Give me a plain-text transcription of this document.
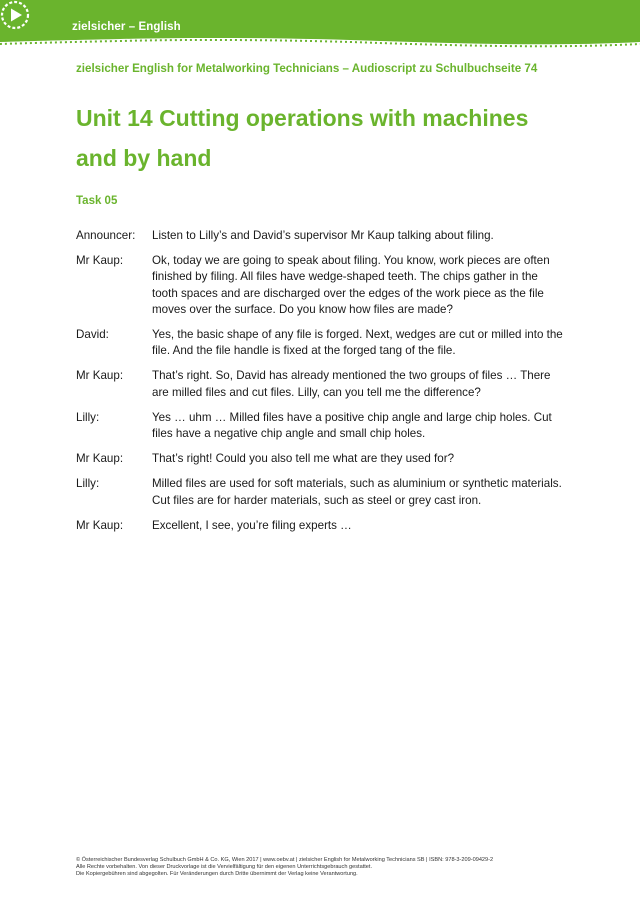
zielsicher – English
zielsicher English for Metalworking Technicians – Audioscript zu Schulbuchseite 74
Unit 14 Cutting operations with machines
and by hand
Task 05
Announcer:	Listen to Lilly’s and David’s supervisor Mr Kaup talking about filing.
Mr Kaup:	Ok, today we are going to speak about filing. You know, work pieces are often finished by filing. All files have wedge-shaped teeth. The chips gather in the tooth spaces and are discharged over the edges of the work piece as the file moves over the surface. Do you know how files are made?
David:	Yes, the basic shape of any file is forged. Next, wedges are cut or milled into the file. And the file handle is fixed at the forged tang of the file.
Mr Kaup:	That’s right. So, David has already mentioned the two groups of files … There are milled files and cut files. Lilly, can you tell me the difference?
Lilly:	Yes … uhm … Milled files have a positive chip angle and large chip holes. Cut files have a negative chip angle and small chip holes.
Mr Kaup:	That’s right! Could you also tell me what are they used for?
Lilly:	Milled files are used for soft materials, such as aluminium or synthetic materials. Cut files are for harder materials, such as steel or grey cast iron.
Mr Kaup:	Excellent, I see, you’re filing experts …
© Österreichischer Bundesverlag Schulbuch GmbH & Co. KG, Wien 2017 | www.oebv.at | zielsicher English for Metalworking Technicians SB | ISBN: 978-3-209-09429-2
Alle Rechte vorbehalten. Von dieser Druckvorlage ist die Vervielfältigung für den eigenen Unterrichtsgebrauch gestattet.
Die Kopiergebühren sind abgegolten. Für Veränderungen durch Dritte übernimmt der Verlag keine Verantwortung.
